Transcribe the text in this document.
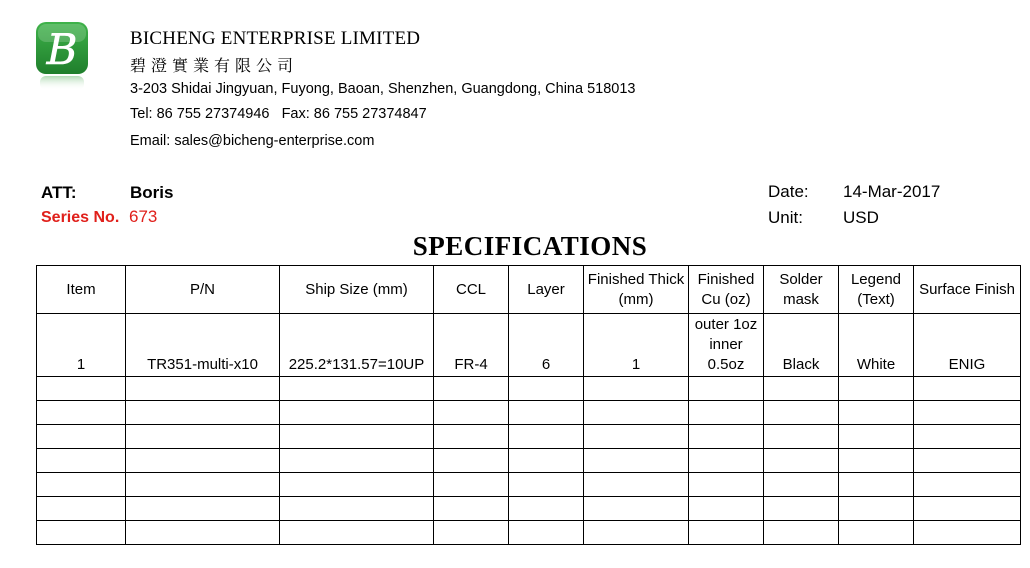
B	BICHENG ENTERPRISE LIMITED
碧澄實業有限公司
3-203 Shidai Jingyuan, Fuyong, Baoan, Shenzhen, Guangdong, China 518013
Tel: 86 755 27374946   Fax: 86 755 27374847
Email: sales@bicheng-enterprise.com
ATT:	Boris
Series No. 673
Date: 14-Mar-2017
Unit: USD
SPECIFICATIONS
Item	P/N	Ship Size (mm)	CCL	Layer	Finished Thick (mm)	Finished Cu (oz)	Solder mask	Legend (Text)	Surface Finish
1	TR351-multi-x10	225.2*131.57=10UP	FR-4	6	1	outer 1oz inner 0.5oz	Black	White	ENIG
